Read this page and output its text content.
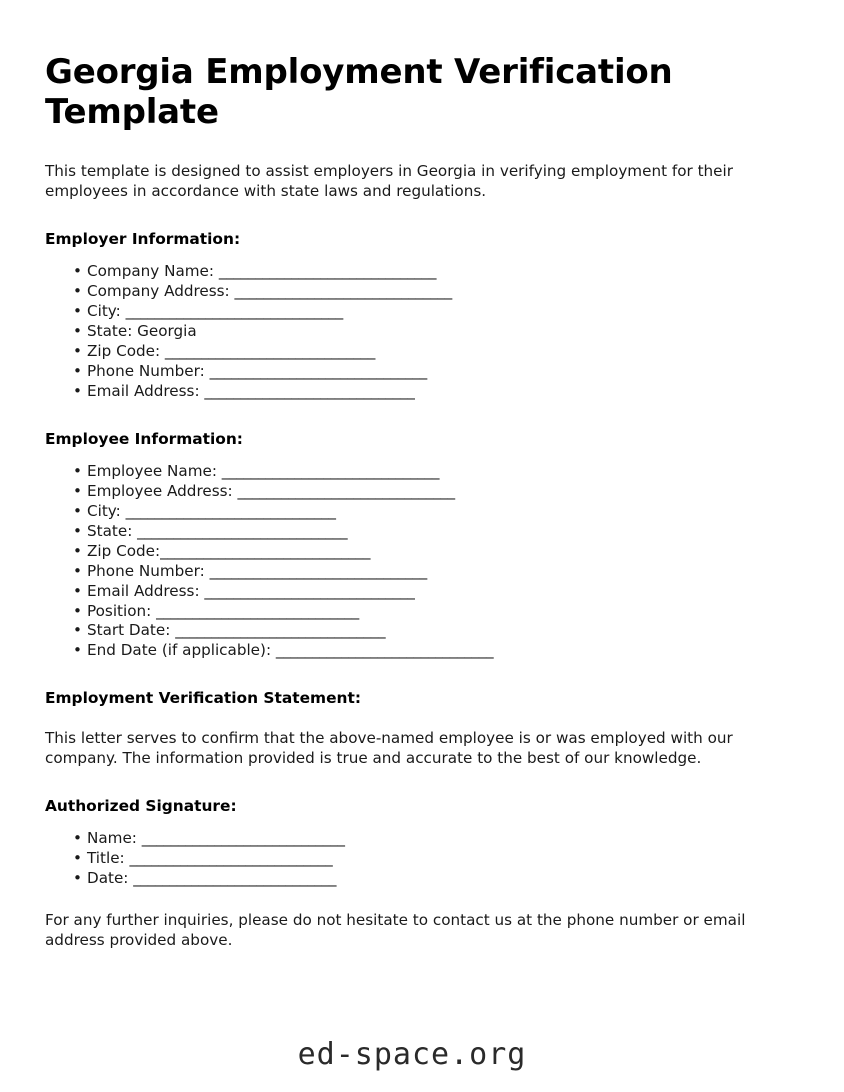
Georgia Employment Verification Template

This template is designed to assist employers in Georgia in verifying employment for their employees in accordance with state laws and regulations.

Employer Information:
• Company Name: ______________________________
• Company Address: ______________________________
• City: ______________________________
• State: Georgia
• Zip Code: _____________________________
• Phone Number: ______________________________
• Email Address: _____________________________
Employee Information:
• Employee Name: ______________________________
• Employee Address: ______________________________
• City: _____________________________
• State: _____________________________
• Zip Code:_____________________________
• Phone Number: ______________________________
• Email Address: _____________________________
• Position: ____________________________
• Start Date: _____________________________
• End Date (if applicable): ______________________________
Employment Verification Statement:

This letter serves to confirm that the above-named employee is or was employed with our company. The information provided is true and accurate to the best of our knowledge.

Authorized Signature:
• Name: ____________________________
• Title: ____________________________
• Date: ____________________________

For any further inquiries, please do not hesitate to contact us at the phone number or email address provided above.

ed-space.org
